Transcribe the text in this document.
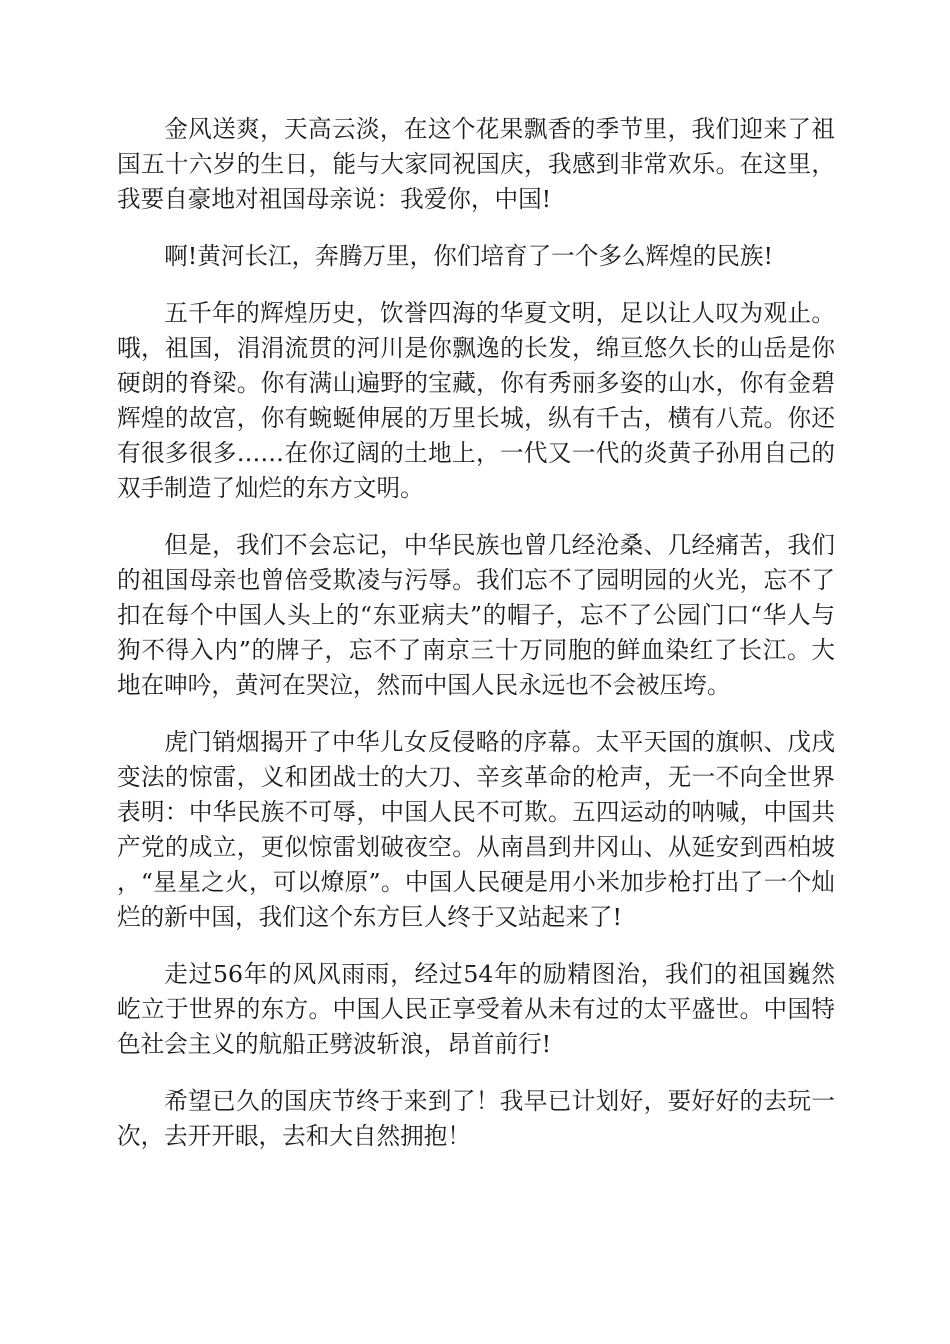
金风送爽，天高云淡，在这个花果飘香的季节里，我们迎来了祖国五十六岁的生日，能与大家同祝国庆，我感到非常欢乐。在这里，我要自豪地对祖国母亲说：我爱你，中国!

啊!黄河长江，奔腾万里，你们培育了一个多么辉煌的民族!

五千年的辉煌历史，饮誉四海的华夏文明，足以让人叹为观止。哦，祖国，涓涓流贯的河川是你飘逸的长发，绵亘悠久长的山岳是你硬朗的脊梁。你有满山遍野的宝藏，你有秀丽多姿的山水，你有金碧辉煌的故宫，你有蜿蜒伸展的万里长城，纵有千古，横有八荒。你还有很多很多……在你辽阔的土地上，一代又一代的炎黄子孙用自己的双手制造了灿烂的东方文明。

但是，我们不会忘记，中华民族也曾几经沧桑、几经痛苦，我们的祖国母亲也曾倍受欺凌与污辱。我们忘不了园明园的火光，忘不了扣在每个中国人头上的“东亚病夫”的帽子，忘不了公园门口“华人与狗不得入内”的牌子，忘不了南京三十万同胞的鲜血染红了长江。大地在呻吟，黄河在哭泣，然而中国人民永远也不会被压垮。

虎门销烟揭开了中华儿女反侵略的序幕。太平天国的旗帜、戊戌变法的惊雷，义和团战士的大刀、辛亥革命的枪声，无一不向全世界表明：中华民族不可辱，中国人民不可欺。五四运动的呐喊，中国共产党的成立，更似惊雷划破夜空。从南昌到井冈山、从延安到西柏坡，“星星之火，可以燎原”。中国人民硬是用小米加步枪打出了一个灿烂的新中国，我们这个东方巨人终于又站起来了!

走过56年的风风雨雨，经过54年的励精图治，我们的祖国巍然屹立于世界的东方。中国人民正享受着从未有过的太平盛世。中国特色社会主义的航船正劈波斩浪，昂首前行!

希望已久的国庆节终于来到了！我早已计划好，要好好的去玩一次，去开开眼，去和大自然拥抱！
